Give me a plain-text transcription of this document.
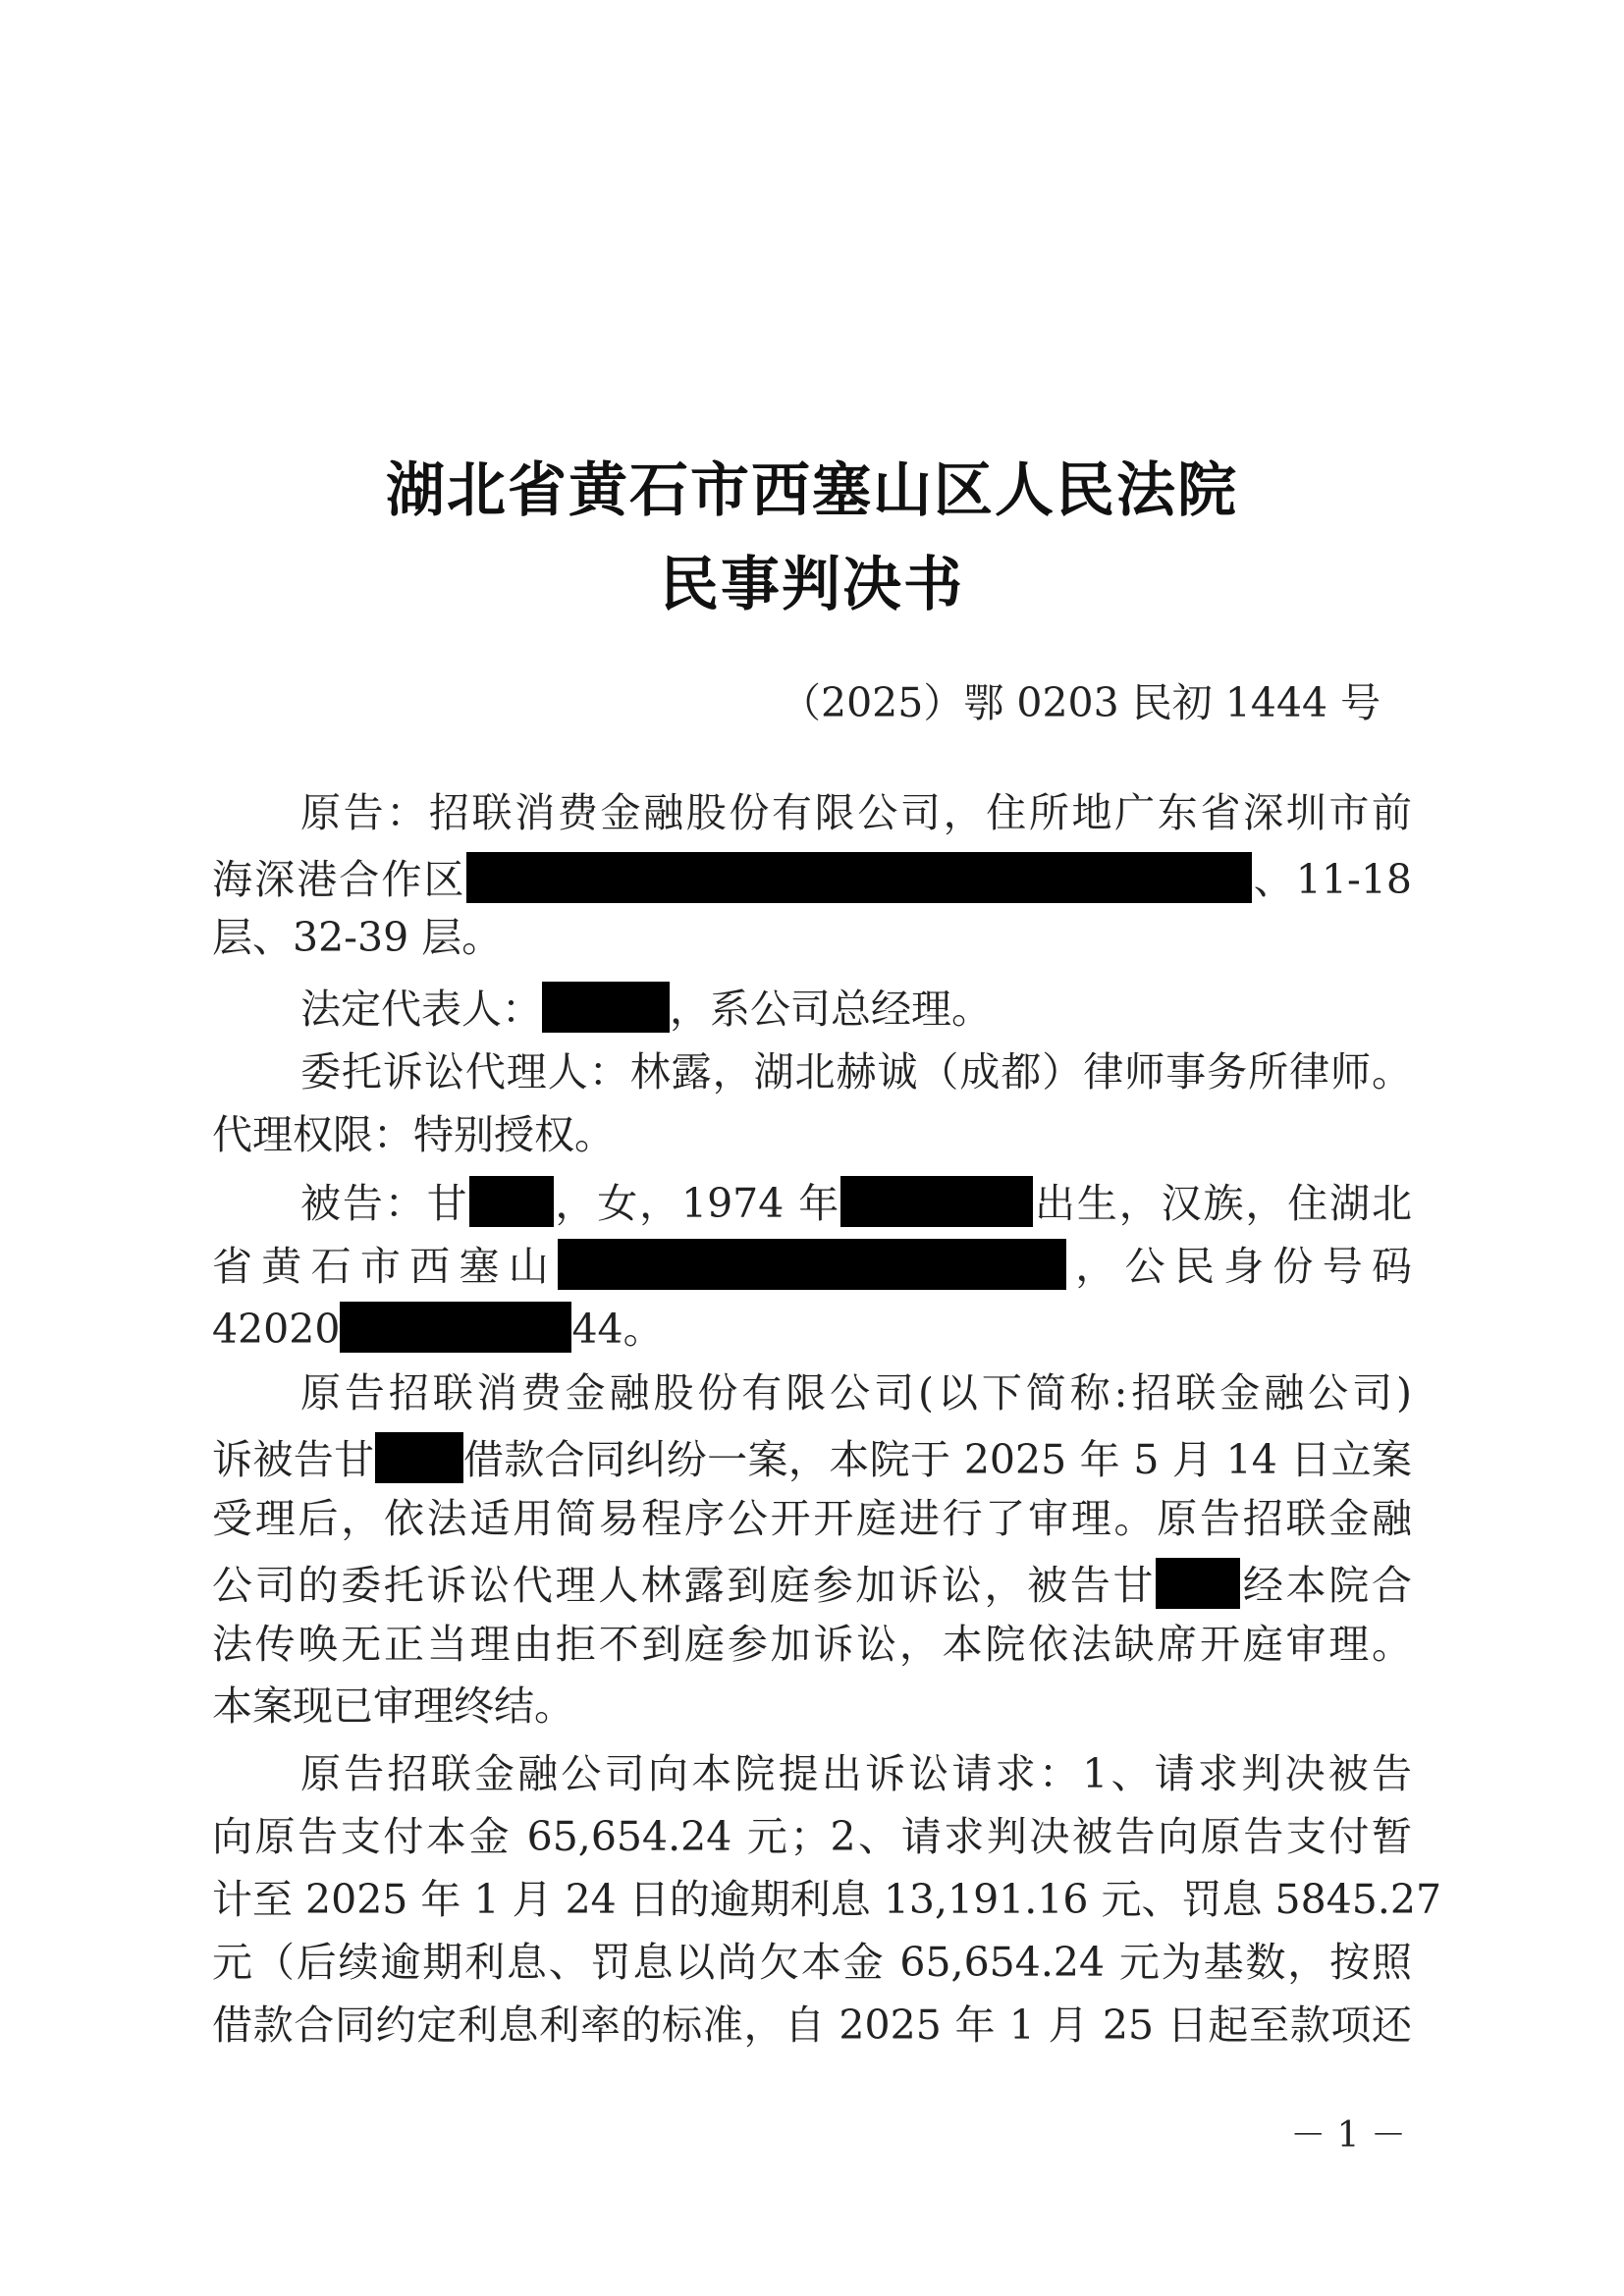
湖北省黄石市西塞山区人民法院
民事判决书
（2025）鄂 0203 民初 1444 号
原告：招联消费金融股份有限公司，住所地广东省深圳市前
海深港合作区	、11-18
层、32-39 层。
法定代表人：	，系公司总经理。
委托诉讼代理人：林露，湖北赫诚（成都）律师事务所律师。
代理权限：特别授权。
被告：甘 ，女，1974 年	出生，汉族，住湖北
省黄石市西塞山	，公民身份号码
42020	44。
原告招联消费金融股份有限公司(以下简称:招联金融公司)
诉被告甘 借款合同纠纷一案，本院于 2025 年 5 月 14 日立案
受理后，依法适用简易程序公开开庭进行了审理。原告招联金融
公司的委托诉讼代理人林露到庭参加诉讼，被告甘 经本院合
法传唤无正当理由拒不到庭参加诉讼，本院依法缺席开庭审理。
本案现已审理终结。
原告招联金融公司向本院提出诉讼请求：1、请求判决被告
向原告支付本金 65,654.24 元；2、请求判决被告向原告支付暂
计至 2025 年 1 月 24 日的逾期利息 13,191.16 元、罚息 5845.27
元（后续逾期利息、罚息以尚欠本金 65,654.24 元为基数，按照
借款合同约定利息利率的标准，自 2025 年 1 月 25 日起至款项还
－ 1 －
